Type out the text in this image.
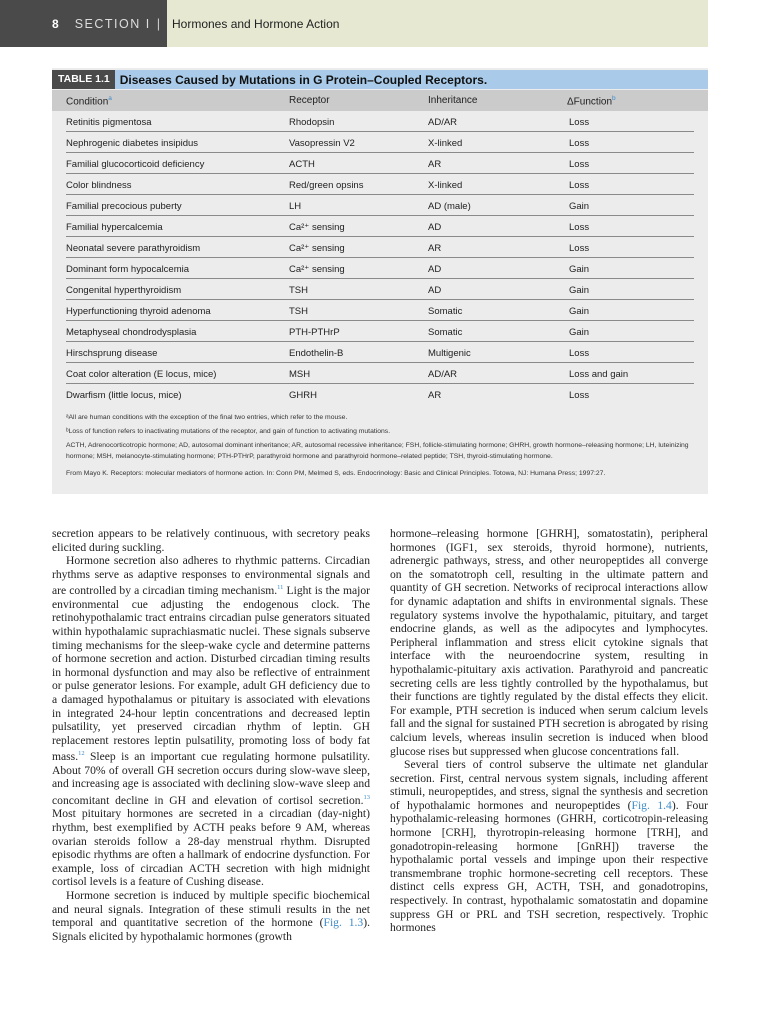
8 SECTION I | Hormones and Hormone Action
TABLE 1.1 Diseases Caused by Mutations in G Protein–Coupled Receptors.
Condition$^a$	Receptor	Inheritance	ΔFunction$^b$
Retinitis pigmentosa	Rhodopsin	AD/AR	Loss
Nephrogenic diabetes insipidus	Vasopressin V2	X-linked	Loss
Familial glucocorticoid deficiency	ACTH	AR	Loss
Color blindness	Red/green opsins	X-linked	Loss
Familial precocious puberty	LH	AD (male)	Gain
Familial hypercalcemia	Ca²⁺ sensing	AD	Loss
Neonatal severe parathyroidism	Ca²⁺ sensing	AR	Loss
Dominant form hypocalcemia	Ca²⁺ sensing	AD	Gain
Congenital hyperthyroidism	TSH	AD	Gain
Hyperfunctioning thyroid adenoma	TSH	Somatic	Gain
Metaphyseal chondrodysplasia	PTH-PTHrP	Somatic	Gain
Hirschsprung disease	Endothelin-B	Multigenic	Loss
Coat color alteration (E locus, mice)	MSH	AD/AR	Loss and gain
Dwarfism (little locus, mice)	GHRH	AR	Loss

ᵃAll are human conditions with the exception of the final two entries, which refer to the mouse.

ᵇLoss of function refers to inactivating mutations of the receptor, and gain of function to activating mutations.

ACTH, Adrenocorticotropic hormone; AD, autosomal dominant inheritance; AR, autosomal recessive inheritance; FSH, follicle-stimulating hormone; GHRH, growth hormone–releasing hormone; LH, luteinizing hormone; MSH, melanocyte-stimulating hormone; PTH-PTHrP, parathyroid hormone and parathyroid hormone–related peptide; TSH, thyroid-stimulating hormone.

From Mayo K. Receptors: molecular mediators of hormone action. In: Conn PM, Melmed S, eds. Endocrinology: Basic and Clinical Principles. Totowa, NJ: Humana Press; 1997:27.

secretion appears to be relatively continuous, with secretory peaks elicited during suckling.

Hormone secretion also adheres to rhythmic patterns. Circadian rhythms serve as adaptive responses to environmental signals and are controlled by a circadian timing mechanism.$^{11}$ Light is the major environmental cue adjusting the endogenous clock. The retinohypothalamic tract entrains circadian pulse generators situated within hypothalamic suprachiasmatic nuclei. These signals subserve timing mechanisms for the sleep-wake cycle and determine patterns of hormone secretion and action. Disturbed circadian timing results in hormonal dysfunction and may also be reflective of entrainment or pulse generator lesions. For example, adult GH deficiency due to a damaged hypothalamus or pituitary is associated with elevations in integrated 24-hour leptin concentrations and decreased leptin pulsatility, yet preserved circadian rhythm of leptin. GH replacement restores leptin pulsatility, promoting loss of body fat mass.$^{12}$ Sleep is an important cue regulating hormone pulsatility. About 70% of overall GH secretion occurs during slow-wave sleep, and increasing age is associated with declining slow-wave sleep and concomitant decline in GH and elevation of cortisol secretion.$^{13}$ Most pituitary hormones are secreted in a circadian (day-night) rhythm, best exemplified by ACTH peaks before 9 AM, whereas ovarian steroids follow a 28-day menstrual rhythm. Disrupted episodic rhythms are often a hallmark of endocrine dysfunction. For example, loss of circadian ACTH secretion with high midnight cortisol levels is a feature of Cushing disease.

Hormone secretion is induced by multiple specific biochemical and neural signals. Integration of these stimuli results in the net temporal and quantitative secretion of the hormone (Fig. 1.3). Signals elicited by hypothalamic hormones (growth

hormone–releasing hormone [GHRH], somatostatin), peripheral hormones (IGF1, sex steroids, thyroid hormone), nutrients, adrenergic pathways, stress, and other neuropeptides all converge on the somatotroph cell, resulting in the ultimate pattern and quantity of GH secretion. Networks of reciprocal interactions allow for dynamic adaptation and shifts in environmental signals. These regulatory systems involve the hypothalamic, pituitary, and target endocrine glands, as well as the adipocytes and lymphocytes. Peripheral inflammation and stress elicit cytokine signals that interface with the neuroendocrine system, resulting in hypothalamic-pituitary axis activation. Parathyroid and pancreatic secreting cells are less tightly controlled by the hypothalamus, but their functions are tightly regulated by the distal effects they elicit. For example, PTH secretion is induced when serum calcium levels fall and the signal for sustained PTH secretion is abrogated by rising calcium levels, whereas insulin secretion is induced when blood glucose rises but suppressed when glucose concentrations fall.

Several tiers of control subserve the ultimate net glandular secretion. First, central nervous system signals, including afferent stimuli, neuropeptides, and stress, signal the synthesis and secretion of hypothalamic hormones and neuropeptides (Fig. 1.4). Four hypothalamic-releasing hormones (GHRH, corticotropin-releasing hormone [CRH], thyrotropin-releasing hormone [TRH], and gonadotropin-releasing hormone [GnRH]) traverse the hypothalamic portal vessels and impinge upon their respective transmembrane trophic hormone-secreting cell receptors. These distinct cells express GH, ACTH, TSH, and gonadotropins, respectively. In contrast, hypothalamic somatostatin and dopamine suppress GH or PRL and TSH secretion, respectively. Trophic hormones
